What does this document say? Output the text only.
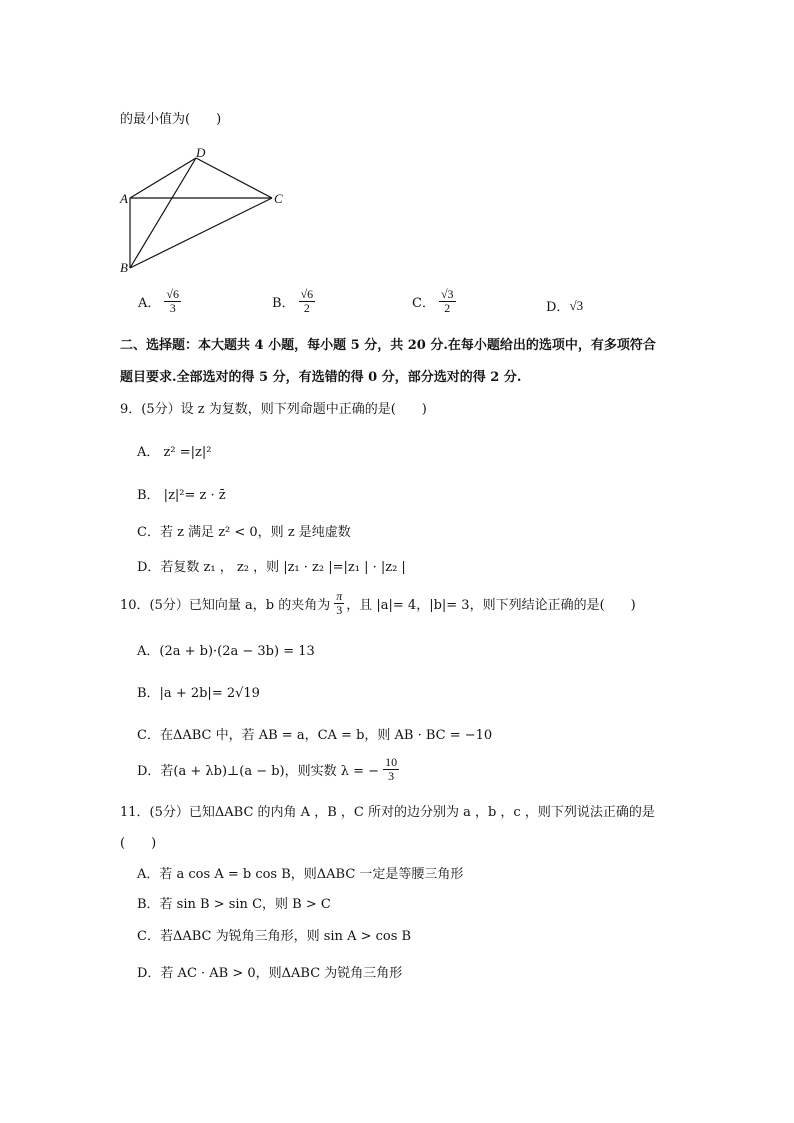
的最小值为(　　)
D
A	C
B
A． $\frac{√6}{3}$	B． $\frac{√6}{2}$	C． $\frac{√3}{2}$	D． √3
二、选择题：本大题共 4 小题，每小题 5 分，共 20 分.在每小题给出的选项中，有多项符合
题目要求.全部选对的得 5 分，有选错的得 0 分，部分选对的得 2 分.
9．(5分）设 z 为复数，则下列命题中正确的是(　　)
A． z² =|z|²
B． |z|²= z · z̄
C．若 z 满足 z² < 0，则 z 是纯虚数
D．若复数 z₁ ， z₂ ，则 |z₁ · z₂ |=|z₁ | · |z₂ |
10．(5分）已知向量 a，b 的夹角为 $\frac{\pi}{3}$ ，且 |a|= 4，|b|= 3，则下列结论正确的是(　　)
A．(2a + b)·(2a − 3b) = 13
B．|a + 2b|= 2√19
C．在ΔABC 中，若 AB = a，CA = b，则 AB · BC = −10
D．若(a + λb)⊥(a − b)，则实数 λ = − $\frac{10}{3}$
11．(5分）已知ΔABC 的内角 A ，B ，C 所对的边分别为 a ，b ，c ，则下列说法正确的是
(　　)
A．若 a cos A = b cos B，则ΔABC 一定是等腰三角形
B．若 sin B > sin C，则 B > C
C．若ΔABC 为锐角三角形，则 sin A > cos B
D．若 AC · AB > 0，则ΔABC 为锐角三角形
